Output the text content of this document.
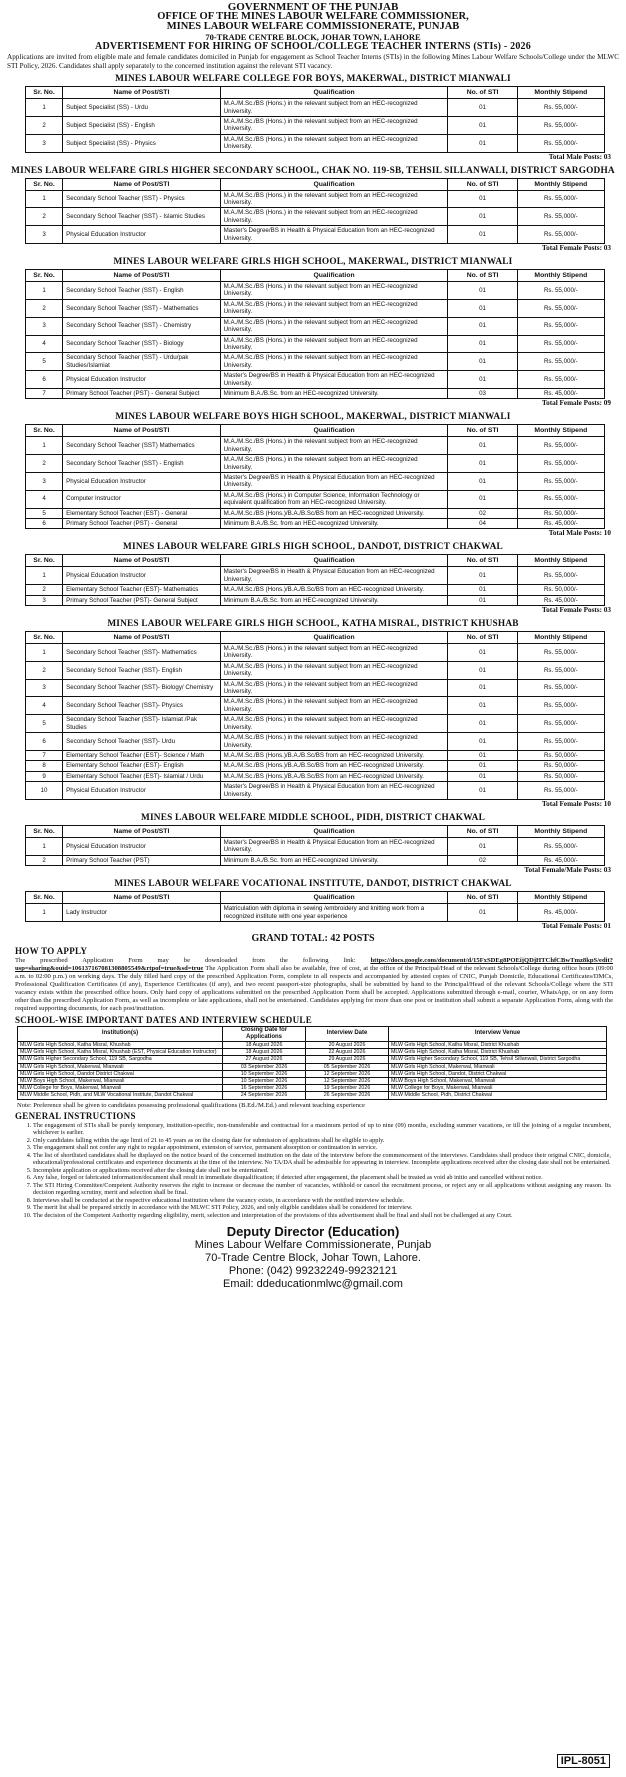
GOVERNMENT OF THE PUNJAB
OFFICE OF THE MINES LABOUR WELFARE COMMISSIONER,
MINES LABOUR WELFARE COMMISSIONERATE, PUNJAB
70-TRADE CENTRE BLOCK, JOHAR TOWN, LAHORE
ADVERTISEMENT FOR HIRING OF SCHOOL/COLLEGE TEACHER INTERNS (STIs) - 2026
Applications are invited from eligible male and female candidates domiciled in Punjab for engagement as School Teacher Interns (STIs) in the following Mines Labour Welfare Schools/College under the MLWC STI Policy, 2026. Candidates shall apply separately to the concerned institution against the relevant STI vacancy.
MINES LABOUR WELFARE COLLEGE FOR BOYS, MAKERWAL, DISTRICT MIANWALI
Sr. No.	Name of Post/STI	Qualification	No. of STI	Monthly Stipend
1	Subject Specialist (SS) - Urdu	M.A./M.Sc./BS (Hons.) in the relevant subject from an HEC-recognized University.	01	Rs. 55,000/-
2	Subject Specialist (SS) - English	M.A./M.Sc./BS (Hons.) in the relevant subject from an HEC-recognized University.	01	Rs. 55,000/-
3	Subject Specialist (SS) - Physics	M.A./M.Sc./BS (Hons.) in the relevant subject from an HEC-recognized University.	01	Rs. 55,000/-
Total Male Posts: 03
MINES LABOUR WELFARE GIRLS HIGHER SECONDARY SCHOOL, CHAK NO. 119-SB, TEHSIL SILLANWALI, DISTRICT SARGODHA
Sr. No.	Name of Post/STI	Qualification	No. of STI	Monthly Stipend
1	Secondary School Teacher (SST) - Physics	M.A./M.Sc./BS (Hons.) in the relevant subject from an HEC-recognized University.	01	Rs. 55,000/-
2	Secondary School Teacher (SST) - Islamic Studies	M.A./M.Sc./BS (Hons.) in the relevant subject from an HEC-recognized University.	01	Rs. 55,000/-
3	Physical Education Instructor	Master's Degree/BS in Health & Physical Education from an HEC-recognized University.	01	Rs. 55,000/-
Total Female Posts: 03
MINES LABOUR WELFARE GIRLS HIGH SCHOOL, MAKERWAL, DISTRICT MIANWALI
Sr. No.	Name of Post/STI	Qualification	No. of STI	Monthly Stipend
1	Secondary School Teacher (SST) - English	M.A./M.Sc./BS (Hons.) in the relevant subject from an HEC-recognized University.	01	Rs. 55,000/-
2	Secondary School Teacher (SST) - Mathematics	M.A./M.Sc./BS (Hons.) in the relevant subject from an HEC-recognized University.	01	Rs. 55,000/-
3	Secondary School Teacher (SST) - Chemistry	M.A./M.Sc./BS (Hons.) in the relevant subject from an HEC-recognized University.	01	Rs. 55,000/-
4	Secondary School Teacher (SST) - Biology	M.A./M.Sc./BS (Hons.) in the relevant subject from an HEC-recognized University.	01	Rs. 55,000/-
5	Secondary School Teacher (SST) - Urdu/pak Studies/Islamiat	M.A./M.Sc./BS (Hons.) in the relevant subject from an HEC-recognized University.	01	Rs. 55,000/-
6	Physical Education Instructor	Master's Degree/BS in Health & Physical Education from an HEC-recognized University.	01	Rs. 55,000/-
7	Primary School Teacher (PST) - General Subject	Minimum B.A./B.Sc. from an HEC-recognized University.	03	Rs. 45,000/-
Total Female Posts: 09
MINES LABOUR WELFARE BOYS HIGH SCHOOL, MAKERWAL, DISTRICT MIANWALI
Sr. No.	Name of Post/STI	Qualification	No. of STI	Monthly Stipend
1	Secondary School Teacher (SST) Mathematics	M.A./M.Sc./BS (Hons.) in the relevant subject from an HEC-recognized University.	01	Rs. 55,000/-
2	Secondary School Teacher (SST) - English	M.A./M.Sc./BS (Hons.) in the relevant subject from an HEC-recognized University.	01	Rs. 55,000/-
3	Physical Education Instructor	Master's Degree/BS in Health & Physical Education from an HEC-recognized University.	01	Rs. 55,000/-
4	Computer Instructor	M.A./M.Sc./BS (Hons.) in Computer Science, Information Technology or equivalent qualification from an HEC-recognized University.	01	Rs. 55,000/-
5	Elementary School Teacher (EST) - General	M.A./M.Sc./BS (Hons.)/B.A./B.Sc/BS from an HEC-recognized University.	02	Rs. 50,000/-
6	Primary School Teacher (PST) - General	Minimum B.A./B.Sc. from an HEC-recognized University.	04	Rs. 45,000/-
Total Male Posts: 10
MINES LABOUR WELFARE GIRLS HIGH SCHOOL, DANDOT, DISTRICT CHAKWAL
Sr. No.	Name of Post/STI	Qualification	No. of STI	Monthly Stipend
1	Physical Education Instructor	Master's Degree/BS in Health & Physical Education from an HEC-recognized University.	01	Rs. 55,000/-
2	Elementary School Teacher (EST)- Mathematics	M.A./M.Sc./BS (Hons.)/B.A./B.Sc/BS from an HEC-recognized University.	01	Rs. 50,000/-
3	Primary School Teacher (PST)- General Subject	Minimum B.A./B.Sc. from an HEC-recognized University.	01	Rs. 45,000/-
Total Female Posts: 03
MINES LABOUR WELFARE GIRLS HIGH SCHOOL, KATHA MISRAL, DISTRICT KHUSHAB
Sr. No.	Name of Post/STI	Qualification	No. of STI	Monthly Stipend
1	Secondary School Teacher (SST)- Mathematics	M.A./M.Sc./BS (Hons.) in the relevant subject from an HEC-recognized University.	01	Rs. 55,000/-
2	Secondary School Teacher (SST)- English	M.A./M.Sc./BS (Hons.) in the relevant subject from an HEC-recognized University.	01	Rs. 55,000/-
3	Secondary School Teacher (SST)- Biology/ Chemistry	M.A./M.Sc./BS (Hons.) in the relevant subject from an HEC-recognized University.	01	Rs. 55,000/-
4	Secondary School Teacher (SST)- Physics	M.A./M.Sc./BS (Hons.) in the relevant subject from an HEC-recognized University.	01	Rs. 55,000/-
5	Secondary School Teacher (SST)- Islamiat /Pak Studies	M.A./M.Sc./BS (Hons.) in the relevant subject from an HEC-recognized University.	01	Rs. 55,000/-
6	Secondary School Teacher (SST)- Urdu	M.A./M.Sc./BS (Hons.) in the relevant subject from an HEC-recognized University.	01	Rs. 55,000/-
7	Elementary School Teacher (EST)- Science / Math	M.A./M.Sc./BS (Hons.)/B.A./B.Sc/BS from an HEC-recognized University.	01	Rs. 50,000/-
8	Elementary School Teacher (EST)- English	M.A./M.Sc./BS (Hons.)/B.A./B.Sc/BS from an HEC-recognized University.	01	Rs. 50,000/-
9	Elementary School Teacher (EST)- Islamiat / Urdu	M.A./M.Sc./BS (Hons.)/B.A./B.Sc/BS from an HEC-recognized University.	01	Rs. 50,000/-
10	Physical Education Instructor	Master's Degree/BS in Health & Physical Education from an HEC-recognized University.	01	Rs. 55,000/-
Total Female Posts: 10
MINES LABOUR WELFARE MIDDLE SCHOOL, PIDH, DISTRICT CHAKWAL
Sr. No.	Name of Post/STI	Qualification	No. of STI	Monthly Stipend
1	Physical Education Instructor	Master's Degree/BS in Health & Physical Education from an HEC-recognized University.	01	Rs. 55,000/-
2	Primary School Teacher (PST)	Minimum B.A./B.Sc. from an HEC-recognized University.	02	Rs. 45,000/-
Total Female/Male Posts: 03
MINES LABOUR WELFARE VOCATIONAL INSTITUTE, DANDOT, DISTRICT CHAKWAL
Sr. No.	Name of Post/STI	Qualification	No. of STI	Monthly Stipend
1	Lady Instructor	Matriculation with diploma in sewing /embroidery and knitting work from a recognized institute with one year experience	01	Rs. 45,000/-
Total Female Posts: 01
GRAND TOTAL: 42 POSTS
HOW TO APPLY
The prescribed Application Form may be downloaded from the following link: https://docs.google.com/document/d/15FxSDEg8POEijQDjHTChfCBwTmz8kpS/edit?usp=sharing&ouid=106137167081308805549&rtpof=true&sd=true The Application Form shall also be available, free of cost, at the office of the Principal/Head of the relevant Schools/College during office hours (09:00 a.m. to 02:00 p.m.) on working days. The duly filled hard copy of the prescribed Application Form, complete in all respects and accompanied by attested copies of CNIC, Punjab Domicile, Educational Certificates/DMCs, Professional Qualification Certificates (if any), Experience Certificates (if any), and two recent passport-size photographs, shall be submitted by hand to the Principal/Head of the relevant Schools/College where the STI vacancy exists within the prescribed office hours. Only hard copy of applications submitted on the prescribed Application Form shall be accepted. Applications submitted through e-mail, courier, WhatsApp, or on any form other than the prescribed Application Form, as well as incomplete or late applications, shall not be entertained. Candidates applying for more than one post or institution shall submit a separate Application Form, along with the required supporting documents, for each post/institution.
SCHOOL-WISE IMPORTANT DATES AND INTERVIEW SCHEDULE
Institution(s)	Closing Date for Applications	Interview Date	Interview Venue
MLW Girls High School, Katha Misral, Khushab	18 August 2026	20 August 2026	MLW Girls High School, Katha Misral, District Khushab
MLW Girls High School, Katha Misral, Khushab (EST, Physical Education Instructor)	18 August 2026	22 August 2026	MLW Girls High School, Katha Misral, District Khushab
MLW Girls Higher Secondary School, 119 SB, Sargodha	27 August 2026	29 August 2026	MLW Girls Higher Secondary School, 119 SB, Tehsil Sillanwali, District Sargodha
MLW Girls High School, Makerwal, Mianwali	03 September 2026	05 September 2026	MLW Girls High School, Makerwal, Mianwali
MLW Girls High School, Dandot District Chakwal	10 September 2026	12 September 2026	MLW Girls High School, Dandot, District Chakwal
MLW Boys High School, Makerwal, Mianwali	10 September 2026	12 September 2026	MLW Boys High School, Makerwal, Mianwali
MLW College for Boys, Makerwal, Mianwali	16 September 2026	19 September 2026	MLW College for Boys, Makerwal, Mianwali
MLW Middle School, Pidh, and MLW Vocational Institute, Dandot Chakwal	24 September 2026	26 September 2026	MLW Middle School, Pidh, District Chakwal
Note: Preference shall be given to candidates possessing professional qualifications (B.Ed./M.Ed.) and relevant teaching experience
GENERAL INSTRUCTIONS
1. The engagement of STIs shall be purely temporary, institution-specific, non-transferable and contractual for a maximum period of up to nine (09) months, excluding summer vacations, or till the joining of a regular incumbent, whichever is earlier.
2. Only candidates falling within the age limit of 21 to 45 years as on the closing date for submission of applications shall be eligible to apply.
3. The engagement shall not confer any right to regular appointment, extension of service, permanent absorption or continuation in service.
4. The list of shortlisted candidates shall be displayed on the notice board of the concerned institution on the date of the interview before the commencement of the interviews. Candidates shall produce their original CNIC, domicile, educational/professional certificates and experience documents at the time of the interview. No TA/DA shall be admissible for appearing in interview. Incomplete applications received after the closing date shall not be entertained.
5. Incomplete application or applications received after the closing date shall not be entertained.
6. Any false, forged or fabricated information/document shall result in immediate disqualification; if detected after engagement, the placement shall be treated as void ab initio and cancelled without notice.
7. The STI Hiring Committee/Competent Authority reserves the right to increase or decrease the number of vacancies, withhold or cancel the recruitment process, or reject any or all applications without assigning any reason. Its decision regarding scrutiny, merit and selection shall be final.
8. Interviews shall be conducted at the respective educational institution where the vacancy exists, in accordance with the notified interview schedule.
9. The merit list shall be prepared strictly in accordance with the MLWC STI Policy, 2026, and only eligible candidates shall be considered for interview.
10. The decision of the Competent Authority regarding eligibility, merit, selection and interpretation of the provisions of this advertisement shall be final and shall not be challenged at any Court.
Deputy Director (Education)
Mines Labour Welfare Commissionerate, Punjab
70-Trade Centre Block, Johar Town, Lahore.
Phone: (042) 99232249-99232121
Email: ddeducationmlwc@gmail.com
IPL-8051
